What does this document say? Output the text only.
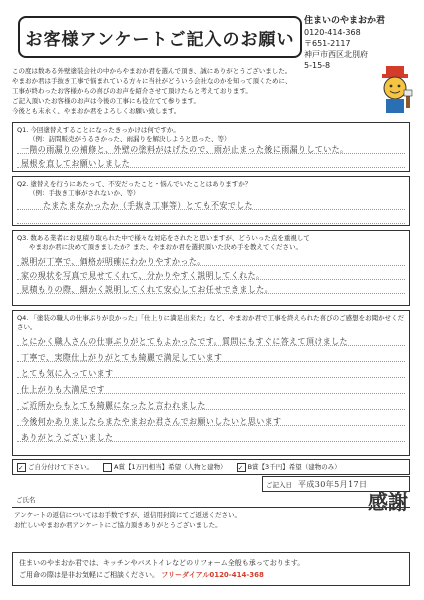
お客様アンケートご記入のお願い
住まいのやまおか君
0120-414-368
〒651-2117
神戸市西区北別府
5-15-8
この度は数ある外壁塗装会社の中からやまおか君を選んで頂き、誠にありがとうございました。
やまおか君は手抜き工事で悩まれている方々に当社がどういう会社なのかを知って頂くために、
工事が終わったお客様からの喜びのお声を紹介させて頂けたらと考えております。
ご記入頂いたお客様のお声は今後の工事にも役立てて参ります。
今後とも末永く、やまおか君をよろしくお願い致します。
Q1. 今回塗替えすることになったきっかけは何ですか。
（例：訪問販売がうるさかった、雨漏りを解決しようと思った、等）
一階の雨漏りの補修と、外壁の塗料がはげたので、雨が止まった後に雨漏りしていた。
屋根を直してお願いしました
Q2. 塗替えを行うにあたって、不安だったこと・悩んでいたことはありますか？
（例：手抜き工事がされないか、等）
たまたまなかったか（手抜き工事等）とても不安でした
Q3. 数ある業者にお見積り取られた中で様々な対応をされたと思いますが、どういった点を重視して
やまおか君に決めて頂きましたか？また、やまおか君を選択頂いた決め手を教えてください。
説明が丁寧で、価格が明確にわかりやすかった。
家の現状を写真で見せてくれて、分かりやすく説明してくれた。
見積もりの際、細かく説明してくれて安心してお任せできました。
Q4. 「塗装の職人の仕事ぶりが良かった」「仕上りに満足出来た」など、やまおか君で工事を終えられた喜びのご感想をお聞かせください。
とにかく職人さんの仕事ぶりがとてもよかったです。質問にもすぐに答えて頂けました
丁寧で、実際仕上がりがとても綺麗で満足しています
とても気に入っています
仕上がりも大満足です
ご近所からもとても綺麗になったと言われました
今後何かありましたらまたやまおか君さんでお願いしたいと思います
ありがとうございました
✓ ご自分付けて下さい。	A賞【1万円相当】希望（人物と建物） ✓ B賞【3千円】希望（建物のみ）
ご記入日 平成30年5月17日
ご氏名
アンケートの返信についてはお手数ですが、返信用封筒にてご返送ください。
お忙しいやまおか君アンケートにご協力頂きありがとうございました。
感謝
住まいのやまおか君では、キッチンやバストイレなどのリフォーム全般も承っております。
ご用命の際は是非お気軽にご相談ください。 フリーダイアル0120-414-368
